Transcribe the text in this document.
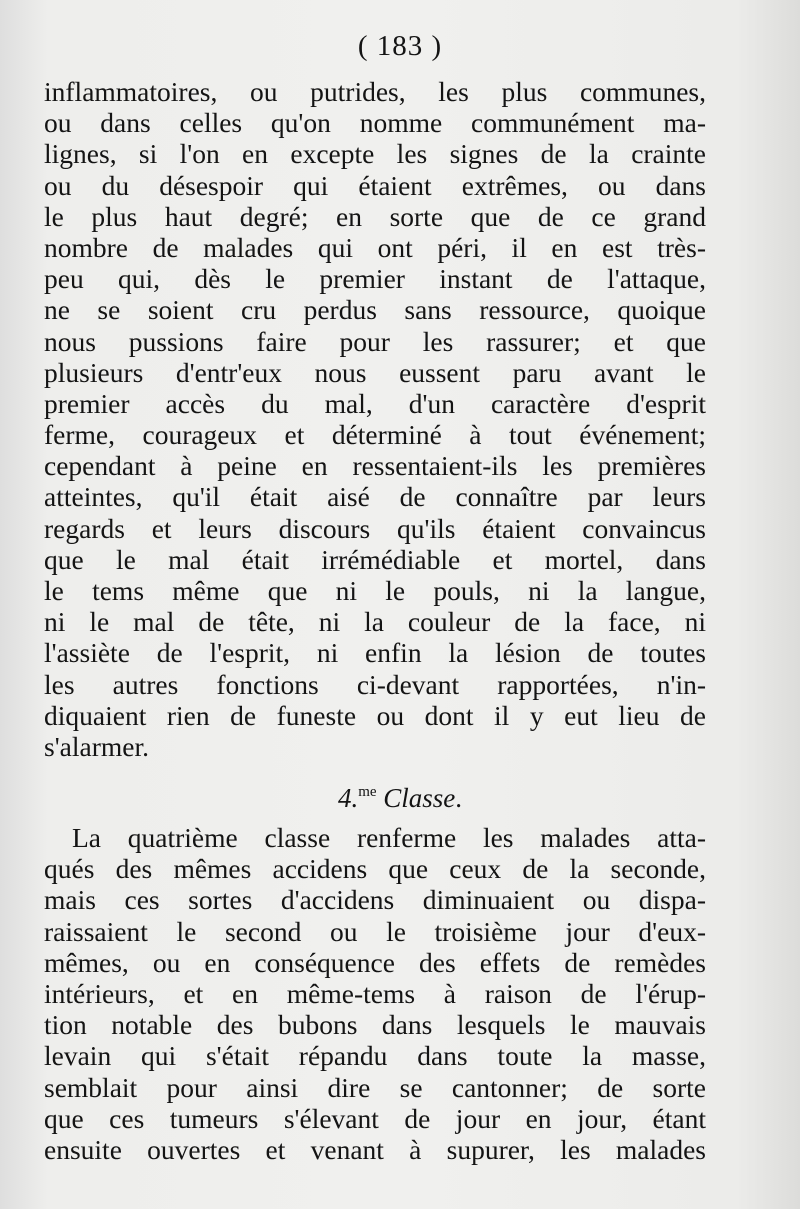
( 183 )
inflammatoires, ou putrides, les plus communes,
ou dans celles qu'on nomme communément ma-
lignes, si l'on en excepte les signes de la crainte
ou du désespoir qui étaient extrêmes, ou dans
le plus haut degré; en sorte que de ce grand
nombre de malades qui ont péri, il en est très-
peu qui, dès le premier instant de l'attaque,
ne se soient cru perdus sans ressource, quoique
nous pussions faire pour les rassurer; et que
plusieurs d'entr'eux nous eussent paru avant le
premier accès du mal, d'un caractère d'esprit
ferme, courageux et déterminé à tout événement;
cependant à peine en ressentaient-ils les premières
atteintes, qu'il était aisé de connaître par leurs
regards et leurs discours qu'ils étaient convaincus
que le mal était irrémédiable et mortel, dans
le tems même que ni le pouls, ni la langue,
ni le mal de tête, ni la couleur de la face, ni
l'assiète de l'esprit, ni enfin la lésion de toutes
les autres fonctions ci-devant rapportées, n'in-
diquaient rien de funeste ou dont il y eut lieu de
s'alarmer.
4.$^{me}$ Classe.
La quatrième classe renferme les malades atta-
qués des mêmes accidens que ceux de la seconde,
mais ces sortes d'accidens diminuaient ou dispa-
raissaient le second ou le troisième jour d'eux-
mêmes, ou en conséquence des effets de remèdes
intérieurs, et en même-tems à raison de l'érup-
tion notable des bubons dans lesquels le mauvais
levain qui s'était répandu dans toute la masse,
semblait pour ainsi dire se cantonner; de sorte
que ces tumeurs s'élevant de jour en jour, étant
ensuite ouvertes et venant à supurer, les malades
